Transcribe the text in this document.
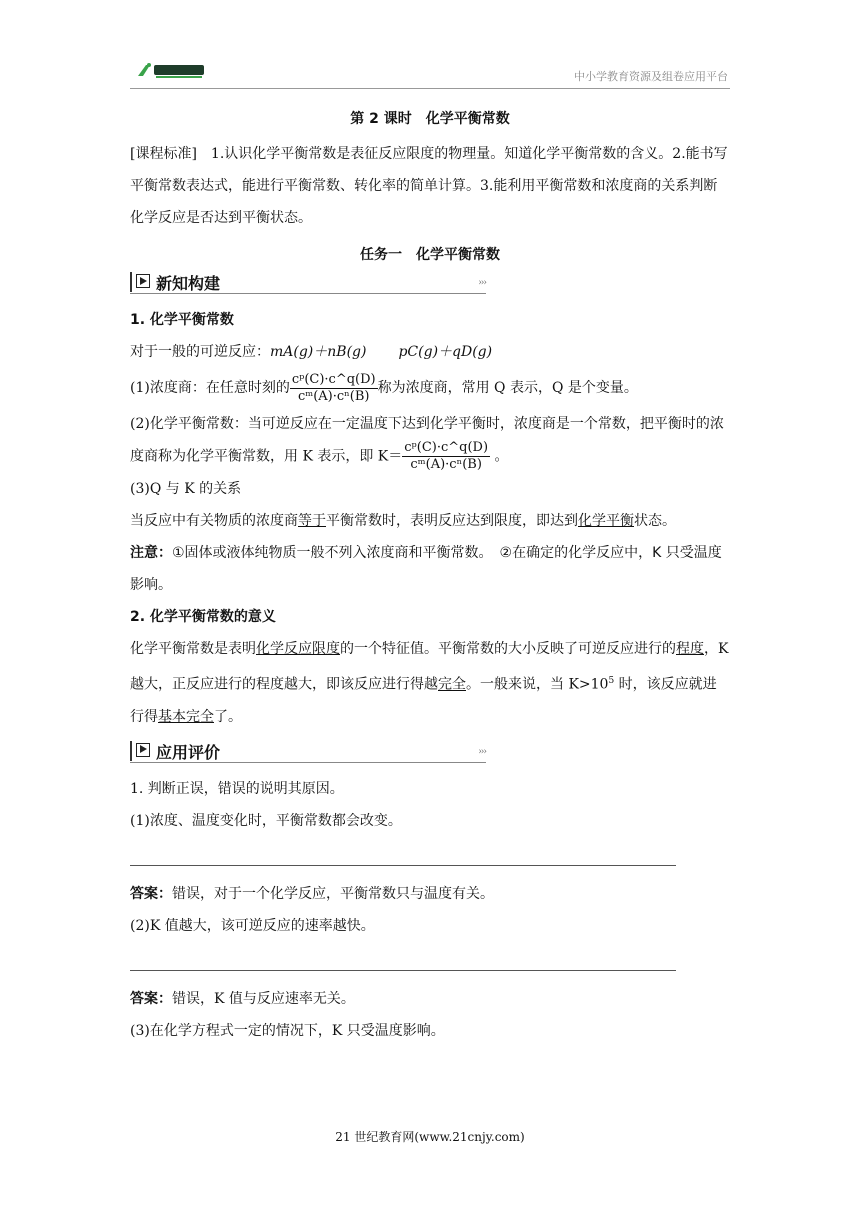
中小学教育资源及组卷应用平台
第 2 课时　化学平衡常数

[课程标准]　1.认识化学平衡常数是表征反应限度的物理量。知道化学平衡常数的含义。2.能书写平衡常数表达式，能进行平衡常数、转化率的简单计算。3.能利用平衡常数和浓度商的关系判断化学反应是否达到平衡状态。

任务一　化学平衡常数
新知构建	›››

1. 化学平衡常数

对于一般的可逆反应：mA(g)＋nB(g) pC(g)＋qD(g)

(1)浓度商：在任意时刻的 $\frac{\text{cᵖ(C)·c\textasciicircum{}q(D)}}{\text{cᵐ(A)·cⁿ(B)}}$ 称为浓度商，常用 Q 表示，Q 是个变量。

(2)化学平衡常数：当可逆反应在一定温度下达到化学平衡时，浓度商是一个常数，把平衡时的浓度商称为化学平衡常数，用 K 表示，即 $K= \frac{\text{cᵖ(C)·c\textasciicircum{}q(D)}}{\text{cᵐ(A)·cⁿ(B)}}$ 。

(3)Q 与 K 的关系

当反应中有关物质的浓度商等于平衡常数时，表明反应达到限度，即达到化学平衡状态。

注意：①固体或液体纯物质一般不列入浓度商和平衡常数。　②在确定的化学反应中，K 只受温度影响。

2. 化学平衡常数的意义

化学平衡常数是表明化学反应限度的一个特征值。平衡常数的大小反映了可逆反应进行的程度，K 越大，正反应进行的程度越大，即该反应进行得越完全。一般来说，当 $K>10^5$ 时，该反应就进行得基本完全了。

应用评价	›››

1. 判断正误，错误的说明其原因。

(1)浓度、温度变化时，平衡常数都会改变。

答案：错误，对于一个化学反应，平衡常数只与温度有关。

(2)K 值越大，该可逆反应的速率越快。

答案：错误，K 值与反应速率无关。

(3)在化学方程式一定的情况下，K 只受温度影响。

21 世纪教育网(www.21cnjy.com)
